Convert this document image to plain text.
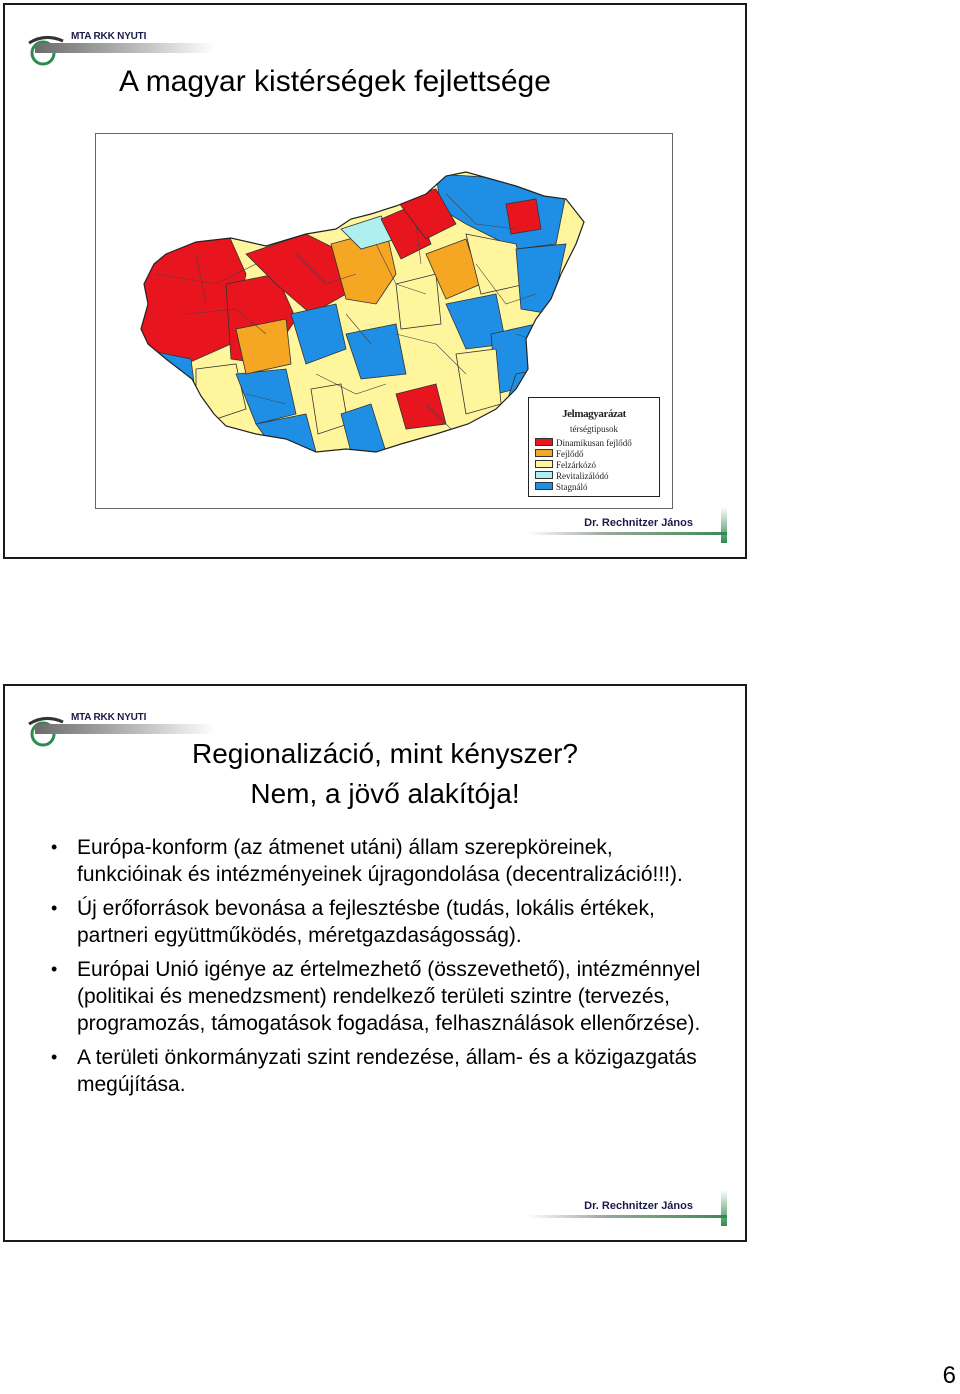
MTA RKK NYUTI
A magyar kistérségek fejlettsége
Jelmagyarázat
térségtípusok
Dinamikusan fejlődő
Fejlődő
Felzárkózó
Revitalizálódó
Stagnáló
Dr. Rechnitzer János
MTA RKK NYUTI
Regionalizáció, mint kényszer?
Nem, a jövő alakítója!
• Európa-konform (az átmenet utáni) állam szerepköreinek, funkcióinak és intézményeinek újragondolása (decentralizáció!!!).
• Új erőforrások bevonása a fejlesztésbe (tudás, lokális értékek, partneri együttműködés, méretgazdaságosság).
• Európai Unió igénye az értelmezhető (összevethető), intézménnyel (politikai és menedzsment) rendelkező területi szintre (tervezés, programozás, támogatások fogadása, felhasználások ellenőrzése).
• A területi önkormányzati szint rendezése, állam- és a közigazgatás megújítása.
Dr. Rechnitzer János
6
